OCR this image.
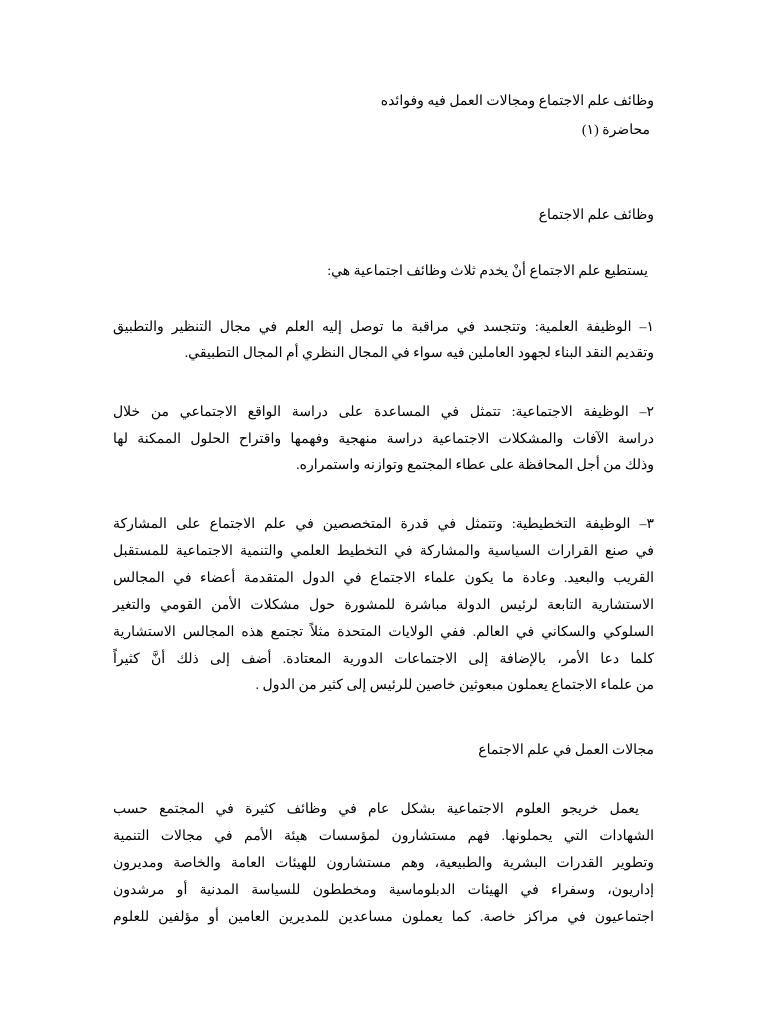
وظائف علم الاجتماع ومجالات العمل فيه وفوائده
محاضرة (١)
وظائف علم الاجتماع
يستطيع علم الاجتماع أنْ يخدم ثلاث وظائف اجتماعية هي:
١– الوظيفة العلمية: وتتجسد في مراقبة ما توصل إليه العلم في مجال التنظير والتطبيق
وتقديم النقد البناء لجهود العاملين فيه سواء في المجال النظري أم المجال التطبيقي.
٢– الوظيفة الاجتماعية: تتمثل في المساعدة على دراسة الواقع الاجتماعي من خلال
دراسة الآفات والمشكلات الاجتماعية دراسة منهجية وفهمها واقتراح الحلول الممكنة لها
وذلك من أجل المحافظة على عطاء المجتمع وتوازنه واستمراره.
٣– الوظيفة التخطيطية: وتتمثل في قدرة المتخصصين في علم الاجتماع على المشاركة
في صنع القرارات السياسية والمشاركة في التخطيط العلمي والتنمية الاجتماعية للمستقبل
القريب والبعيد. وعادة ما يكون علماء الاجتماع في الدول المتقدمة أعضاء في المجالس
الاستشارية التابعة لرئيس الدولة مباشرة للمشورة حول مشكلات الأمن القومي والتغير
السلوكي والسكاني في العالم. ففي الولايات المتحدة مثلاً تجتمع هذه المجالس الاستشارية
كلما دعا الأمر، بالإضافة إلى الاجتماعات الدورية المعتادة. أضف إلى ذلك أنَّ كثيراً
من علماء الاجتماع يعملون مبعوثين خاصين للرئيس إلى كثير من الدول .
مجالات العمل في علم الاجتماع
يعمل خريجو العلوم الاجتماعية بشكل عام في وظائف كثيرة في المجتمع حسب
الشهادات التي يحملونها. فهم مستشارون لمؤسسات هيئة الأمم في مجالات التنمية
وتطوير القدرات البشرية والطبيعية، وهم مستشارون للهيئات العامة والخاصة ومديرون
إداريون، وسفراء في الهيئات الدبلوماسية ومخططون للسياسة المدنية أو مرشدون
اجتماعيون في مراكز خاصة. كما يعملون مساعدين للمديرين العامين أو مؤلفين للعلوم
